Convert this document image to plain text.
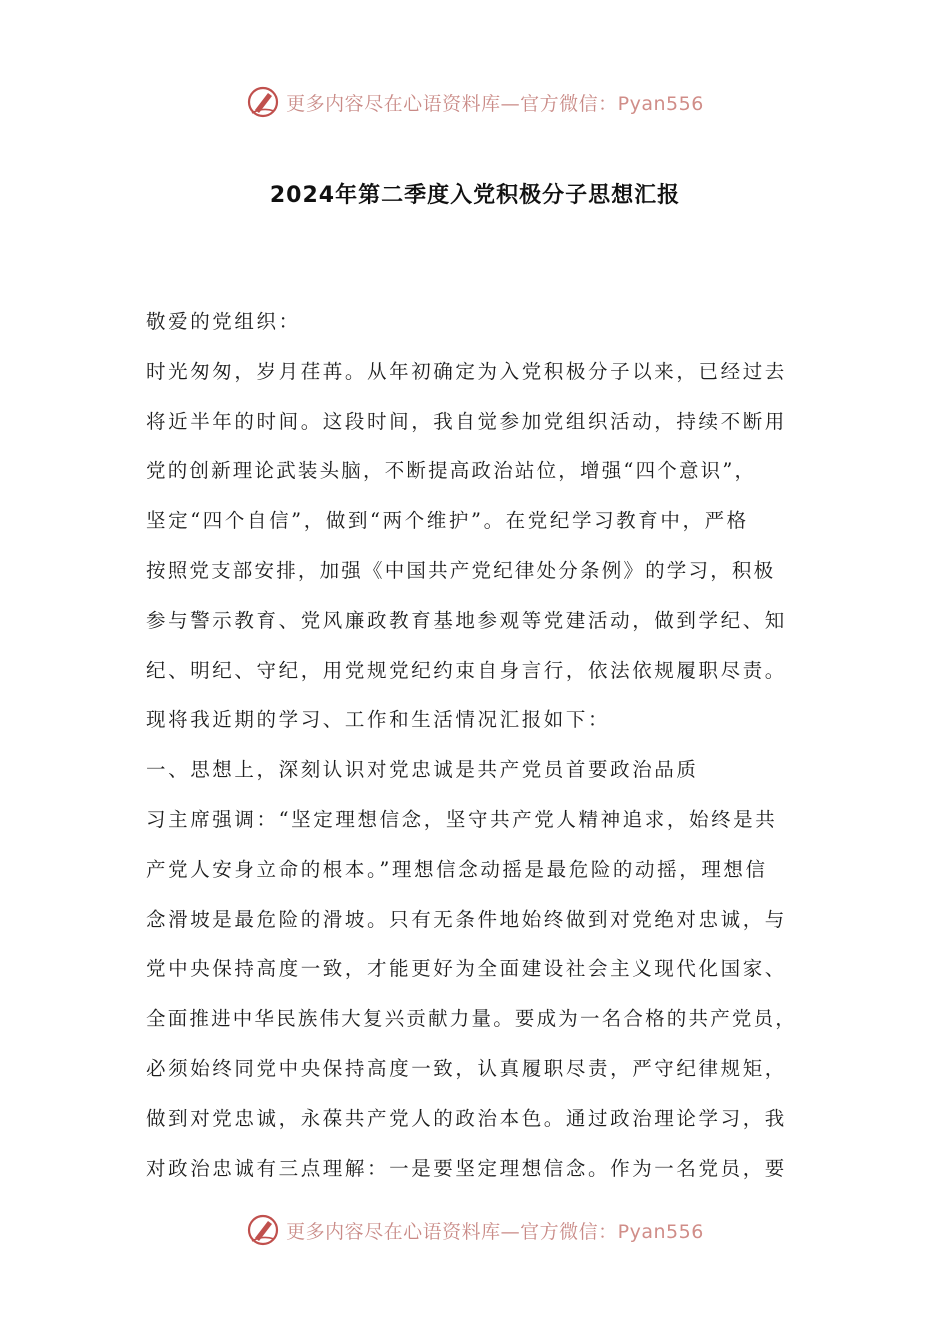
更多内容尽在心语资料库—官方微信：Pyan556
2024年第二季度入党积极分子思想汇报
敬爱的党组织：
时光匆匆，岁月荏苒。从年初确定为入党积极分子以来，已经过去
将近半年的时间。这段时间，我自觉参加党组织活动，持续不断用
党的创新理论武装头脑，不断提高政治站位，增强“四个意识”，
坚定“四个自信”，做到“两个维护”。在党纪学习教育中，严格
按照党支部安排，加强《中国共产党纪律处分条例》的学习，积极
参与警示教育、党风廉政教育基地参观等党建活动，做到学纪、知
纪、明纪、守纪，用党规党纪约束自身言行，依法依规履职尽责。
现将我近期的学习、工作和生活情况汇报如下：
一、思想上，深刻认识对党忠诚是共产党员首要政治品质
习主席强调：“坚定理想信念，坚守共产党人精神追求，始终是共
产党人安身立命的根本。”理想信念动摇是最危险的动摇，理想信
念滑坡是最危险的滑坡。只有无条件地始终做到对党绝对忠诚，与
党中央保持高度一致，才能更好为全面建设社会主义现代化国家、
全面推进中华民族伟大复兴贡献力量。要成为一名合格的共产党员，
必须始终同党中央保持高度一致，认真履职尽责，严守纪律规矩，
做到对党忠诚，永葆共产党人的政治本色。通过政治理论学习，我
对政治忠诚有三点理解：一是要坚定理想信念。作为一名党员，要
更多内容尽在心语资料库—官方微信：Pyan556
